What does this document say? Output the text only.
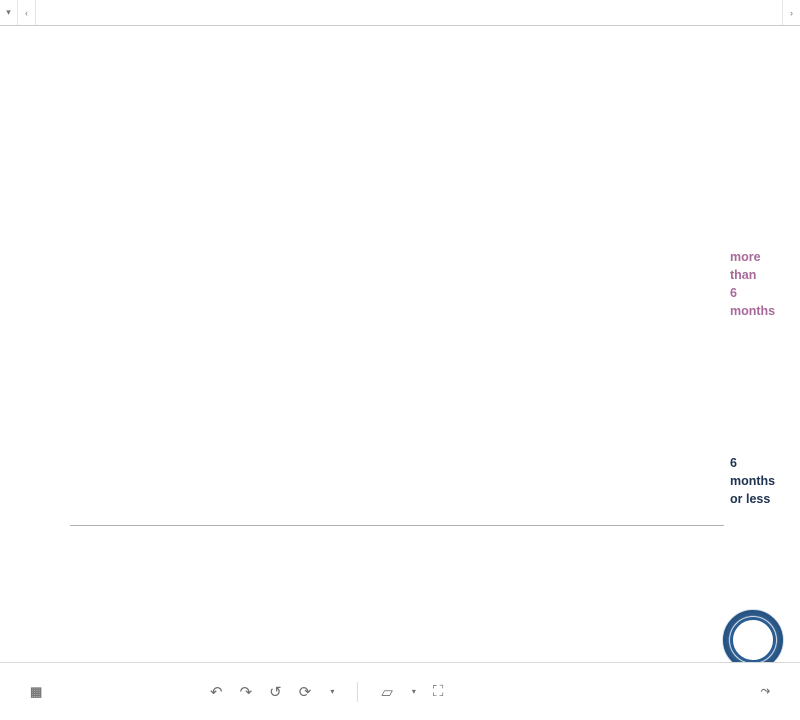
▾	‹	›
more
than
6
months
6
months
or less
▦	↶ ↷ ↺ ⟳ ▾	▱ ▾ ⛶	⤳
